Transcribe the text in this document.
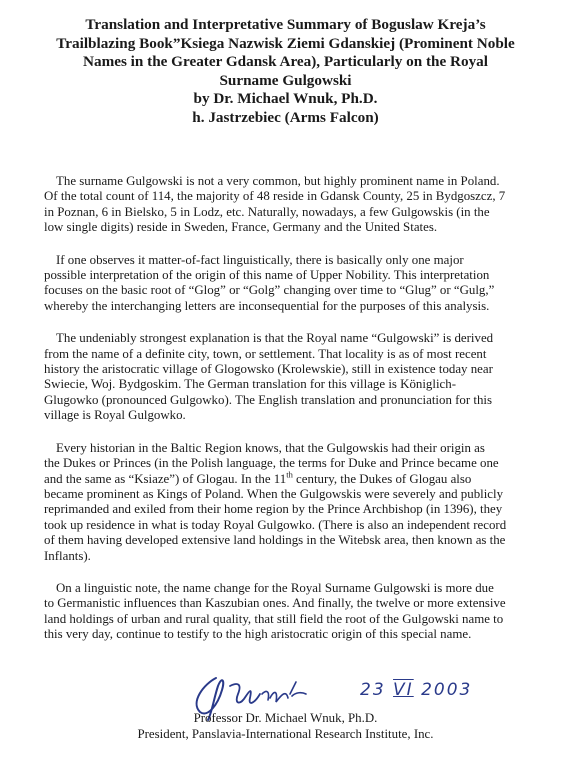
Translation and Interpretative Summary of Boguslaw Kreja’s
Trailblazing Book”Ksiega Nazwisk Ziemi Gdanskiej (Prominent Noble
Names in the Greater Gdansk Area), Particularly on the Royal
Surname Gulgowski
by Dr. Michael Wnuk, Ph.D.
h. Jastrzebiec (Arms Falcon)

The surname Gulgowski is not a very common, but highly prominent name in Poland.
Of the total count of 114, the majority of 48 reside in Gdansk County, 25 in Bydgoszcz, 7
in Poznan, 6 in Bielsko, 5 in Lodz, etc. Naturally, nowadays, a few Gulgowskis (in the
low single digits) reside in Sweden, France, Germany and the United States.

If one observes it matter-of-fact linguistically, there is basically only one major
possible interpretation of the origin of this name of Upper Nobility. This interpretation
focuses on the basic root of “Glog” or “Golg” changing over time to “Glug” or “Gulg,”
whereby the interchanging letters are inconsequential for the purposes of this analysis.

The undeniably strongest explanation is that the Royal name “Gulgowski” is derived
from the name of a definite city, town, or settlement. That locality is as of most recent
history the aristocratic village of Glogowsko (Krolewskie), still in existence today near
Swiecie, Woj. Bydgoskim. The German translation for this village is Königlich-
Glugowko (pronounced Gulgowko). The English translation and pronunciation for this
village is Royal Gulgowko.

Every historian in the Baltic Region knows, that the Gulgowskis had their origin as
the Dukes or Princes (in the Polish language, the terms for Duke and Prince became one
and the same as “Ksiaze”) of Glogau. In the 11th century, the Dukes of Glogau also
became prominent as Kings of Poland. When the Gulgowskis were severely and publicly
reprimanded and exiled from their home region by the Prince Archbishop (in 1396), they
took up residence in what is today Royal Gulgowko. (There is also an independent record
of them having developed extensive land holdings in the Witebsk area, then known as the
Inflants).

On a linguistic note, the name change for the Royal Surname Gulgowski is more due
to Germanistic influences than Kaszubian ones. And finally, the twelve or more extensive
land holdings of urban and rural quality, that still field the root of the Gulgowski name to
this very day, continue to testify to the high aristocratic origin of this special name.

23 VI 2003
Professor Dr. Michael Wnuk, Ph.D.
President, Panslavia-International Research Institute, Inc.
